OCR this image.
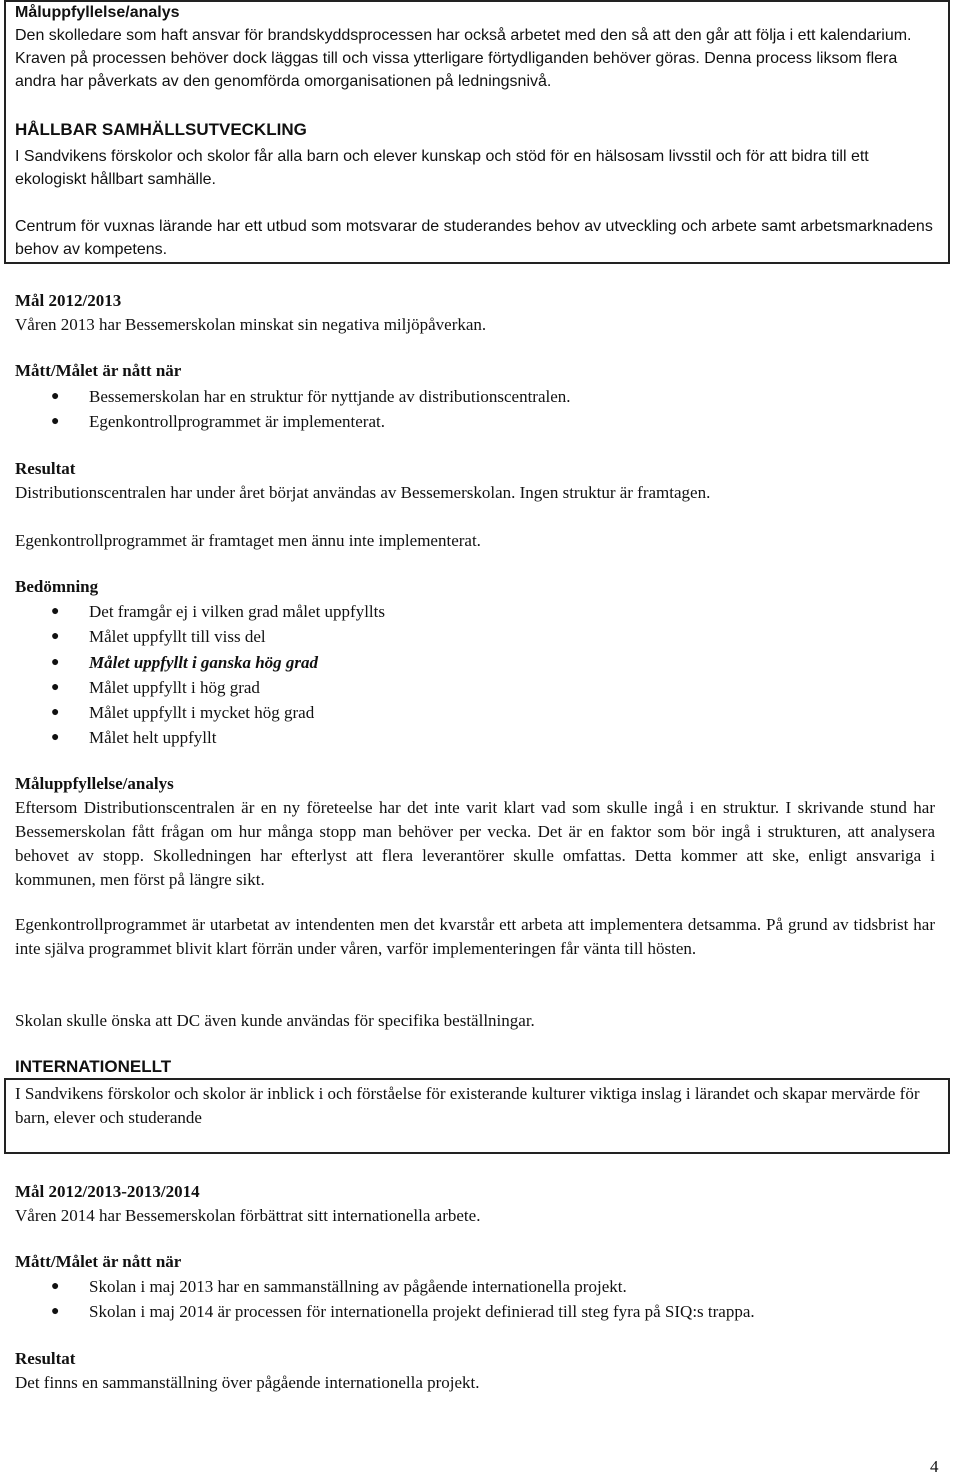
Måluppfyllelse/analys

Den skolledare som haft ansvar för brandskyddsprocessen har också arbetet med den så att den går att följa i ett kalendarium. Kraven på processen behöver dock läggas till och vissa ytterligare förtydliganden behöver göras. Denna process liksom flera andra har påverkats av den genomförda omorganisationen på ledningsnivå.

HÅLLBAR SAMHÄLLSUTVECKLING

I Sandvikens förskolor och skolor får alla barn och elever kunskap och stöd för en hälsosam livsstil och för att bidra till ett ekologiskt hållbart samhälle.

Centrum för vuxnas lärande har ett utbud som motsvarar de studerandes behov av utveckling och arbete samt arbetsmarknadens behov av kompetens.

Mål 2012/2013

Våren 2013 har Bessemerskolan minskat sin negativa miljöpåverkan.

Mått/Målet är nått när

● Bessemerskolan har en struktur för nyttjande av distributionscentralen.
● Egenkontrollprogrammet är implementerat.

Resultat

Distributionscentralen har under året börjat användas av Bessemerskolan. Ingen struktur är framtagen.

Egenkontrollprogrammet är framtaget men ännu inte implementerat.

Bedömning

● Det framgår ej i vilken grad målet uppfyllts
● Målet uppfyllt till viss del
● Målet uppfyllt i ganska hög grad
● Målet uppfyllt i hög grad
● Målet uppfyllt i mycket hög grad
● Målet helt uppfyllt

Måluppfyllelse/analys

Eftersom Distributionscentralen är en ny företeelse har det inte varit klart vad som skulle ingå i en struktur. I skrivande stund har Bessemerskolan fått frågan om hur många stopp man behöver per vecka. Det är en faktor som bör ingå i strukturen, att analysera behovet av stopp. Skolledningen har efterlyst att flera leverantörer skulle omfattas. Detta kommer att ske, enligt ansvariga i kommunen, men först på längre sikt.

Egenkontrollprogrammet är utarbetat av intendenten men det kvarstår ett arbeta att implementera detsamma. På grund av tidsbrist har inte själva programmet blivit klart förrän under våren, varför implementeringen får vänta till hösten.

Skolan skulle önska att DC även kunde användas för specifika beställningar.

INTERNATIONELLT

I Sandvikens förskolor och skolor är inblick i och förståelse för existerande kulturer viktiga inslag i lärandet och skapar mervärde för barn, elever och studerande

Mål 2012/2013-2013/2014

Våren 2014 har Bessemerskolan förbättrat sitt internationella arbete.

Mått/Målet är nått när

● Skolan i maj 2013 har en sammanställning av pågående internationella projekt.
● Skolan i maj 2014 är processen för internationella projekt definierad till steg fyra på SIQ:s trappa.

Resultat

Det finns en sammanställning över pågående internationella projekt.

4
